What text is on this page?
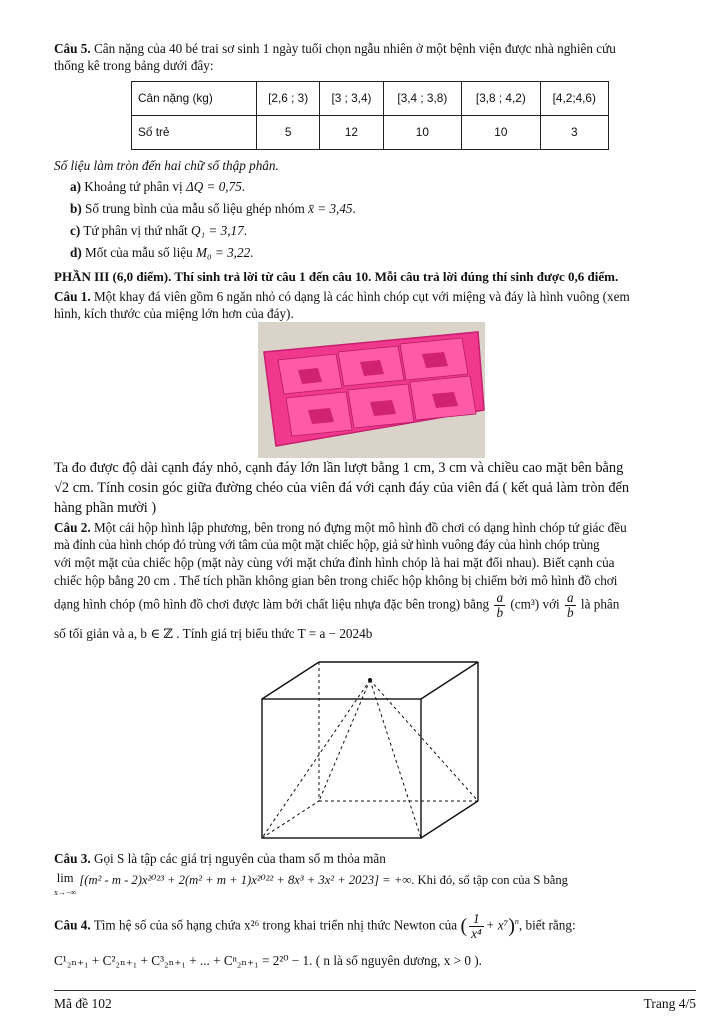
Câu 5. Cân nặng của 40 bé trai sơ sinh 1 ngày tuổi chọn ngẫu nhiên ở một bệnh viện được nhà nghiên cứu
thống kê trong bảng dưới đây:
Cân nặng (kg)	[2,6 ; 3)	[3 ; 3,4)	[3,4 ; 3,8)	[3,8 ; 4,2)	[4,2;4,6)
Số trẻ	5	12	10	10	3
Số liệu làm tròn đến hai chữ số thập phân.
a) Khoảng tứ phân vị ΔQ = 0,75.
b) Số trung bình của mẫu số liệu ghép nhóm x̄ = 3,45.
c) Tứ phân vị thứ nhất Q₁ = 3,17.
d) Mốt của mẫu số liệu M₀ = 3,22.
PHẦN III (6,0 điểm). Thí sinh trả lời từ câu 1 đến câu 10. Mỗi câu trả lời đúng thí sinh được 0,6 điểm.
Câu 1. Một khay đá viên gồm 6 ngăn nhỏ có dạng là các hình chóp cụt với miệng và đáy là hình vuông (xem
hình, kích thước của miệng lớn hơn của đáy).
Ta đo được độ dài cạnh đáy nhỏ, cạnh đáy lớn lần lượt bằng 1 cm, 3 cm và chiều cao mặt bên bằng
√2 cm. Tính cosin góc giữa đường chéo của viên đá với cạnh đáy của viên đá ( kết quả làm tròn đến
hàng phần mười )
Câu 2. Một cái hộp hình lập phương, bên trong nó đựng một mô hình đồ chơi có dạng hình chóp tứ giác đều
mà đỉnh của hình chóp đó trùng với tâm của một mặt chiếc hộp, giả sử hình vuông đáy của hình chóp trùng
với một mặt của chiếc hộp (mặt này cùng với mặt chứa đỉnh hình chóp là hai mặt đối nhau). Biết cạnh của
chiếc hộp bằng 20 cm . Thể tích phần không gian bên trong chiếc hộp không bị chiếm bởi mô hình đồ chơi
dạng hình chóp (mô hình đồ chơi được làm bởi chất liệu nhựa đặc bên trong) bằng $\frac{a}{b} (cm^3)$ với $\frac{a}{b}$ là phân
số tối giản và a, b ∈ ℤ . Tính giá trị biểu thức T = a − 2024b
Câu 3. Gọi S là tập các giá trị nguyên của tham số m thỏa mãn
lim
x→−∞ [(m² - m - 2)x²⁰²³ + 2(m² + m + 1)x²⁰²² + 8x³ + 3x² + 2023] = +∞. Khi đó, số tập con của S bằng
Câu 4. Tìm hệ số của số hạng chứa x²⁶ trong khai triển nhị thức Newton của ( $\frac{1}{\text{x⁴}} + x^7)^n$, biết rằng:
C¹₂ₙ₊₁ + C²₂ₙ₊₁ + C³₂ₙ₊₁ + ... + Cⁿ₂ₙ₊₁ = 2²⁰ − 1. ( n là số nguyên dương, x > 0 ).
Mã đề 102	Trang 4/5
